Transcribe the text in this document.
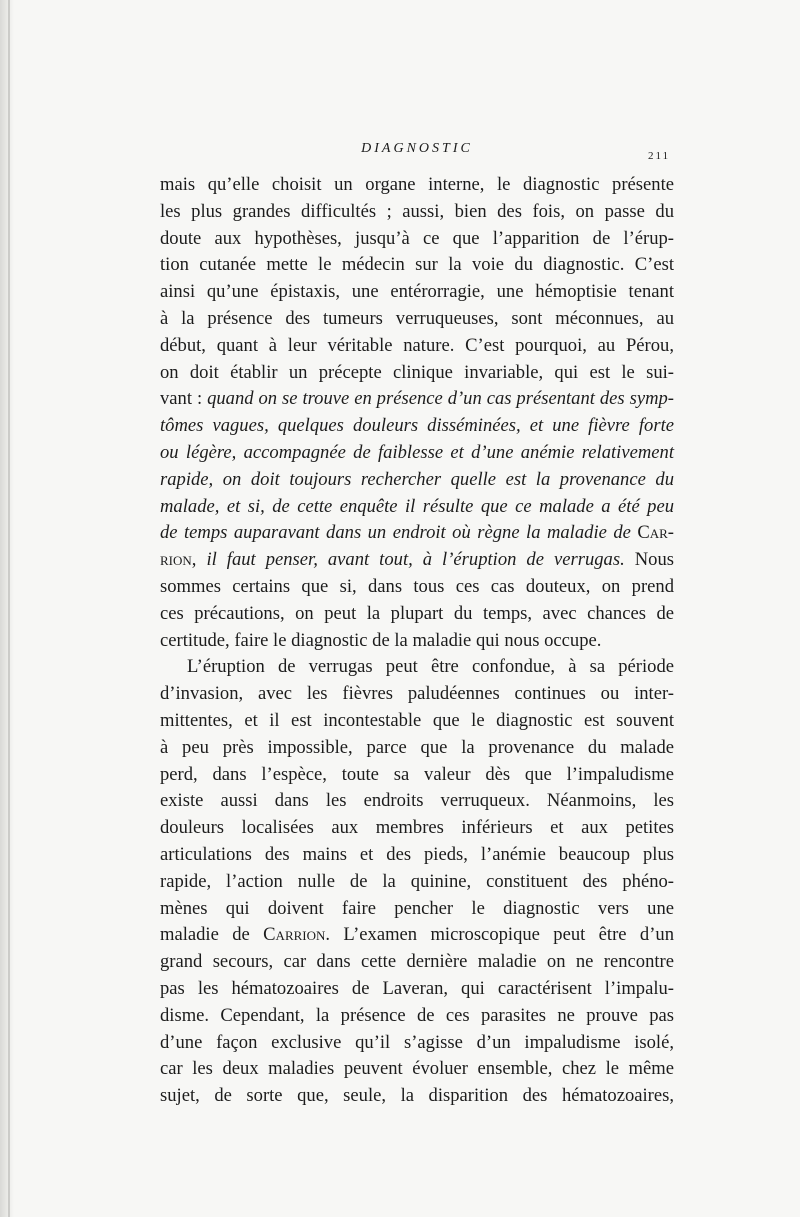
DIAGNOSTIC	211
mais qu’elle choisit un organe interne, le diagnostic présente
les plus grandes difficultés ; aussi, bien des fois, on passe du
doute aux hypothèses, jusqu’à ce que l’apparition de l’érup-
tion cutanée mette le médecin sur la voie du diagnostic. C’est
ainsi qu’une épistaxis, une entérorragie, une hémoptisie tenant
à la présence des tumeurs verruqueuses, sont méconnues, au
début, quant à leur véritable nature. C’est pourquoi, au Pérou,
on doit établir un précepte clinique invariable, qui est le sui-
vant : quand on se trouve en présence d’un cas présentant des symp-
tômes vagues, quelques douleurs disséminées, et une fièvre forte
ou légère, accompagnée de faiblesse et d’une anémie relativement
rapide, on doit toujours rechercher quelle est la provenance du
malade, et si, de cette enquête il résulte que ce malade a été peu
de temps auparavant dans un endroit où règne la maladie de Car-
rion, il faut penser, avant tout, à l’éruption de verrugas. Nous
sommes certains que si, dans tous ces cas douteux, on prend
ces précautions, on peut la plupart du temps, avec chances de
certitude, faire le diagnostic de la maladie qui nous occupe.
L’éruption de verrugas peut être confondue, à sa période
d’invasion, avec les fièvres paludéennes continues ou inter-
mittentes, et il est incontestable que le diagnostic est souvent
à peu près impossible, parce que la provenance du malade
perd, dans l’espèce, toute sa valeur dès que l’impaludisme
existe aussi dans les endroits verruqueux. Néanmoins, les
douleurs localisées aux membres inférieurs et aux petites
articulations des mains et des pieds, l’anémie beaucoup plus
rapide, l’action nulle de la quinine, constituent des phéno-
mènes qui doivent faire pencher le diagnostic vers une
maladie de Carrion. L’examen microscopique peut être d’un
grand secours, car dans cette dernière maladie on ne rencontre
pas les hématozoaires de Laveran, qui caractérisent l’impalu-
disme. Cependant, la présence de ces parasites ne prouve pas
d’une façon exclusive qu’il s’agisse d’un impaludisme isolé,
car les deux maladies peuvent évoluer ensemble, chez le même
sujet, de sorte que, seule, la disparition des hématozoaires,
